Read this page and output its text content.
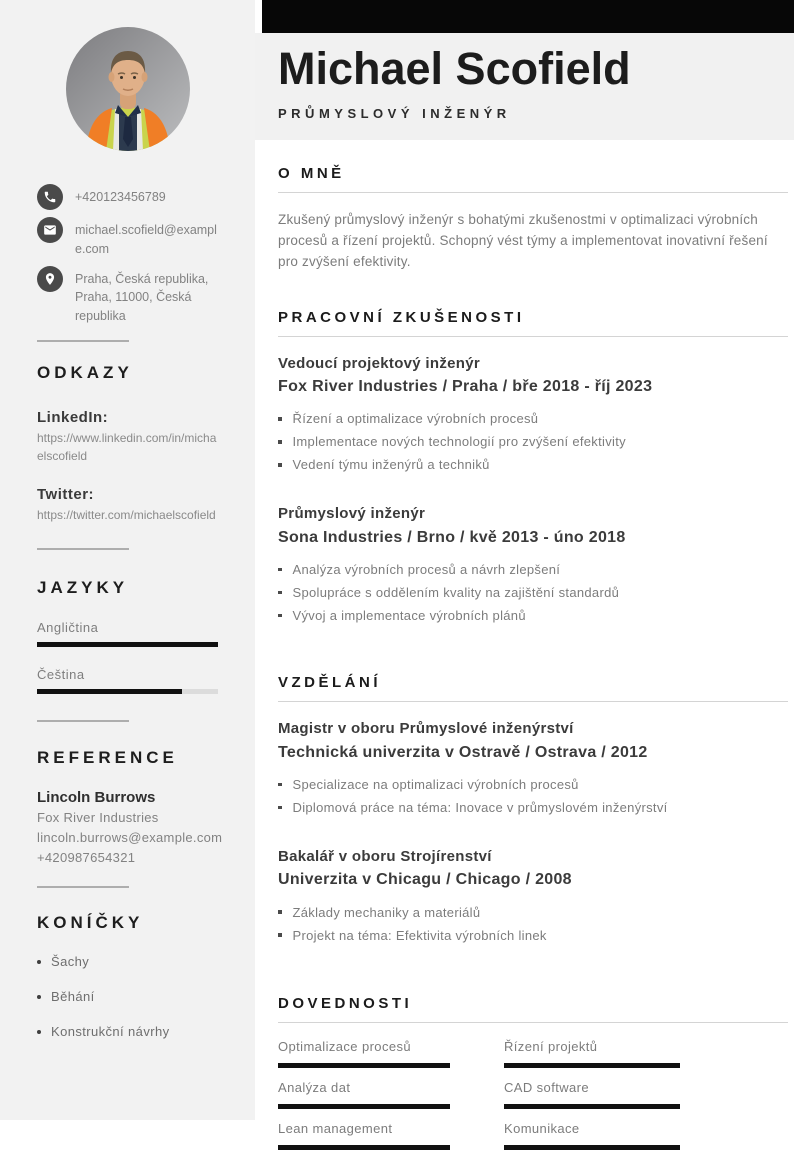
+420123456789
michael.scofield@example.com
Praha, Česká republika, Praha, 11000, Česká republika
ODKAZY
LinkedIn:
https://www.linkedin.com/in/michaelscofield
Twitter:
https://twitter.com/michaelscofield
JAZYKY
Angličtina
Čeština
REFERENCE
Lincoln Burrows
Fox River Industries
lincoln.burrows@example.com
+420987654321
KONÍČKY
Šachy
Běhání
Konstrukční návrhy
Michael Scofield
PRŮMYSLOVÝ INŽENÝR
O MNĚ

Zkušený průmyslový inženýr s bohatými zkušenostmi v optimalizaci výrobních procesů a řízení projektů. Schopný vést týmy a implementovat inovativní řešení pro zvýšení efektivity.

PRACOVNÍ ZKUŠENOSTI
Vedoucí projektový inženýr
Fox River Industries / Praha / bře 2018 - říj 2023
Řízení a optimalizace výrobních procesů
Implementace nových technologií pro zvýšení efektivity
Vedení týmu inženýrů a techniků
Průmyslový inženýr
Sona Industries / Brno / kvě 2013 - úno 2018
Analýza výrobních procesů a návrh zlepšení
Spolupráce s oddělením kvality na zajištění standardů
Vývoj a implementace výrobních plánů
VZDĚLÁNÍ
Magistr v oboru Průmyslové inženýrství
Technická univerzita v Ostravě / Ostrava / 2012
Specializace na optimalizaci výrobních procesů
Diplomová práce na téma: Inovace v průmyslovém inženýrství
Bakalář v oboru Strojírenství
Univerzita v Chicagu / Chicago / 2008
Základy mechaniky a materiálů
Projekt na téma: Efektivita výrobních linek
DOVEDNOSTI
Optimalizace procesů	Řízení projektů
Analýza dat	CAD software
Lean management	Komunikace
